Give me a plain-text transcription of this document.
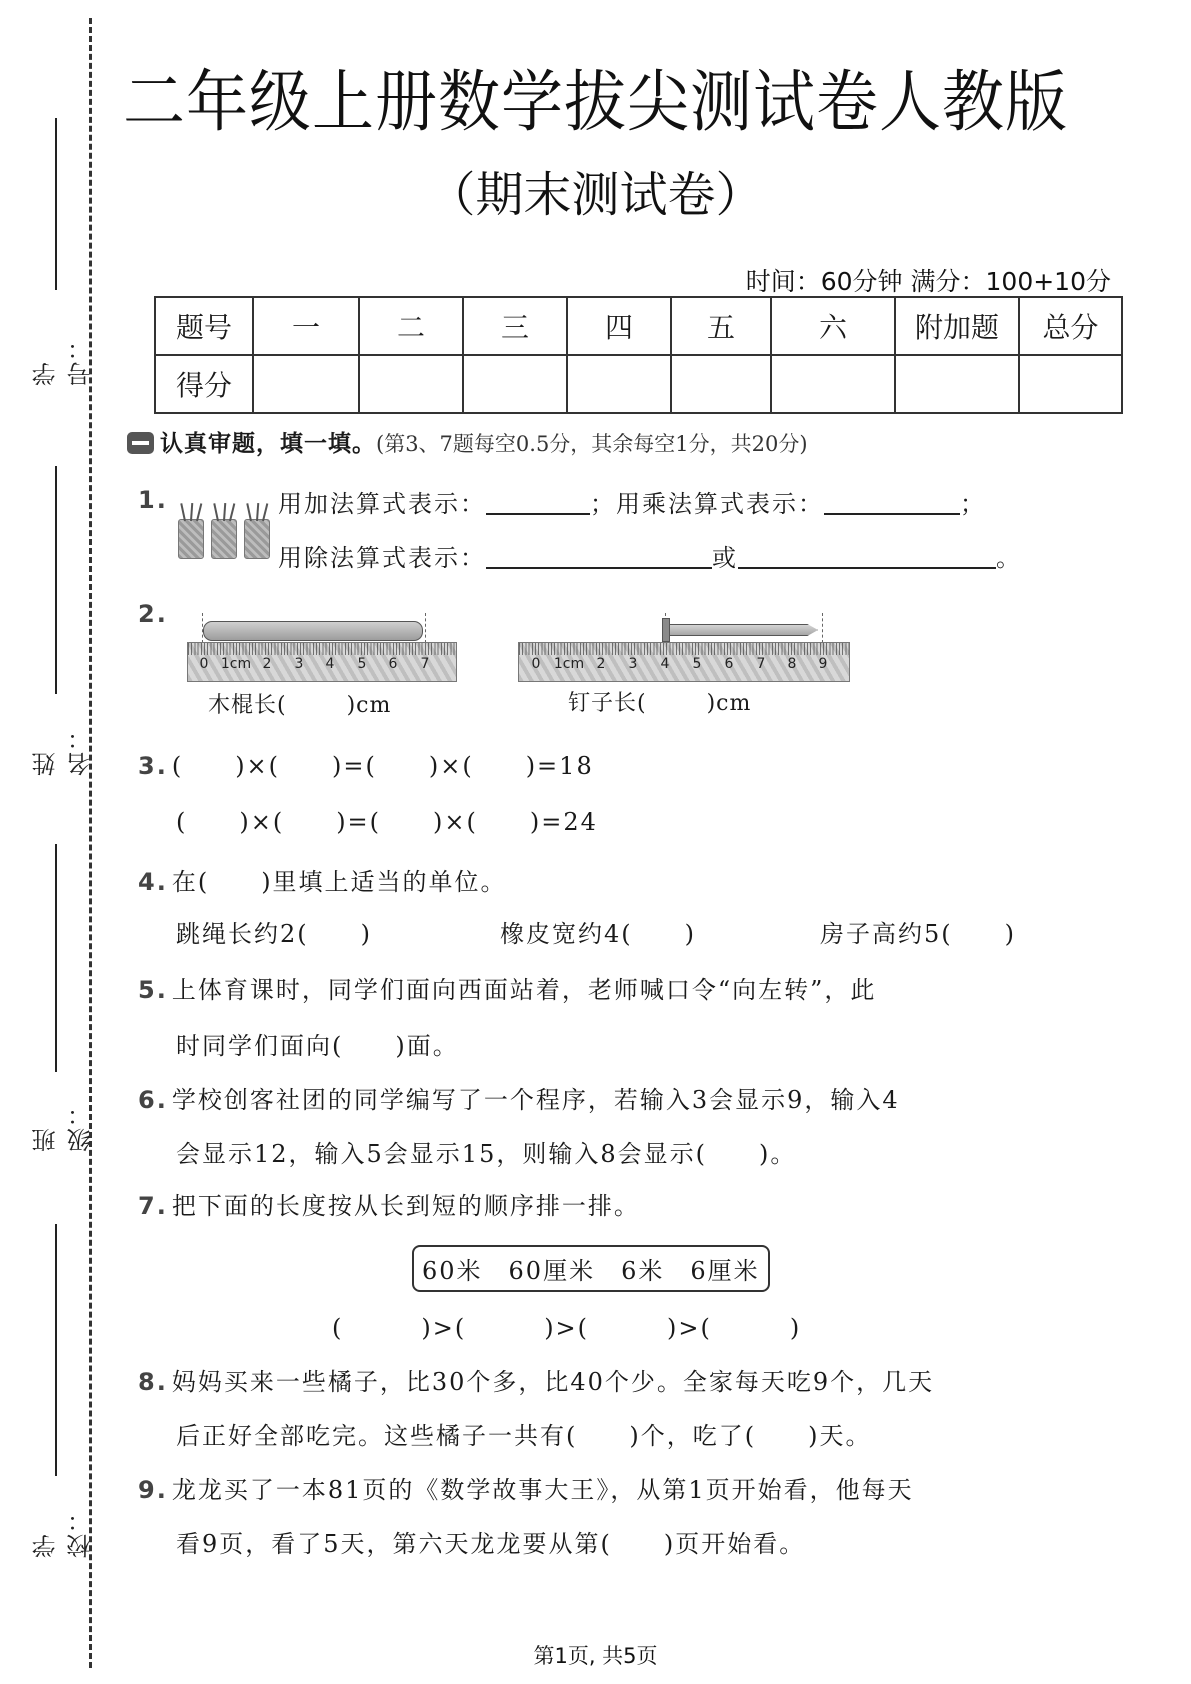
学号：
姓名：
班级：
学校：
二年级上册数学拔尖测试卷人教版
（期末测试卷）
时间：60分钟 满分：100+10分
题号	一	二	三	四	五	六	附加题	总分
得分								
认真审题，填一填。(第3、7题每空0.5分，其余每空1分，共20分)
1.	用加法算式表示：	；用乘法算式表示：	；
用除法算式表示：	或	。
2.
0 1cm 2 3 4 5 6 7
木棍长(	)cm
0 1cm 2 3 4 5 6 7 8 9
钉子长(	)cm
3. (　　)×(　　)=(　　)×(　　)=18
(　　)×(　　)=(　　)×(　　)=24
4. 在(　　)里填上适当的单位。
跳绳长约2(　　)	橡皮宽约4(　　)	房子高约5(　　)
5. 上体育课时，同学们面向西面站着，老师喊口令“向左转”，此
时同学们面向(　　)面。
6. 学校创客社团的同学编写了一个程序，若输入3会显示9，输入4
会显示12，输入5会显示15，则输入8会显示(　　)。
7. 把下面的长度按从长到短的顺序排一排。
60米　60厘米　6米　6厘米
(　　　)>(　　　)>(　　　)>(　　　)
8. 妈妈买来一些橘子，比30个多，比40个少。全家每天吃9个，几天
后正好全部吃完。这些橘子一共有(　　)个，吃了(　　)天。
9. 龙龙买了一本81页的《数学故事大王》，从第1页开始看，他每天
看9页，看了5天，第六天龙龙要从第(　　)页开始看。
第1页, 共5页
